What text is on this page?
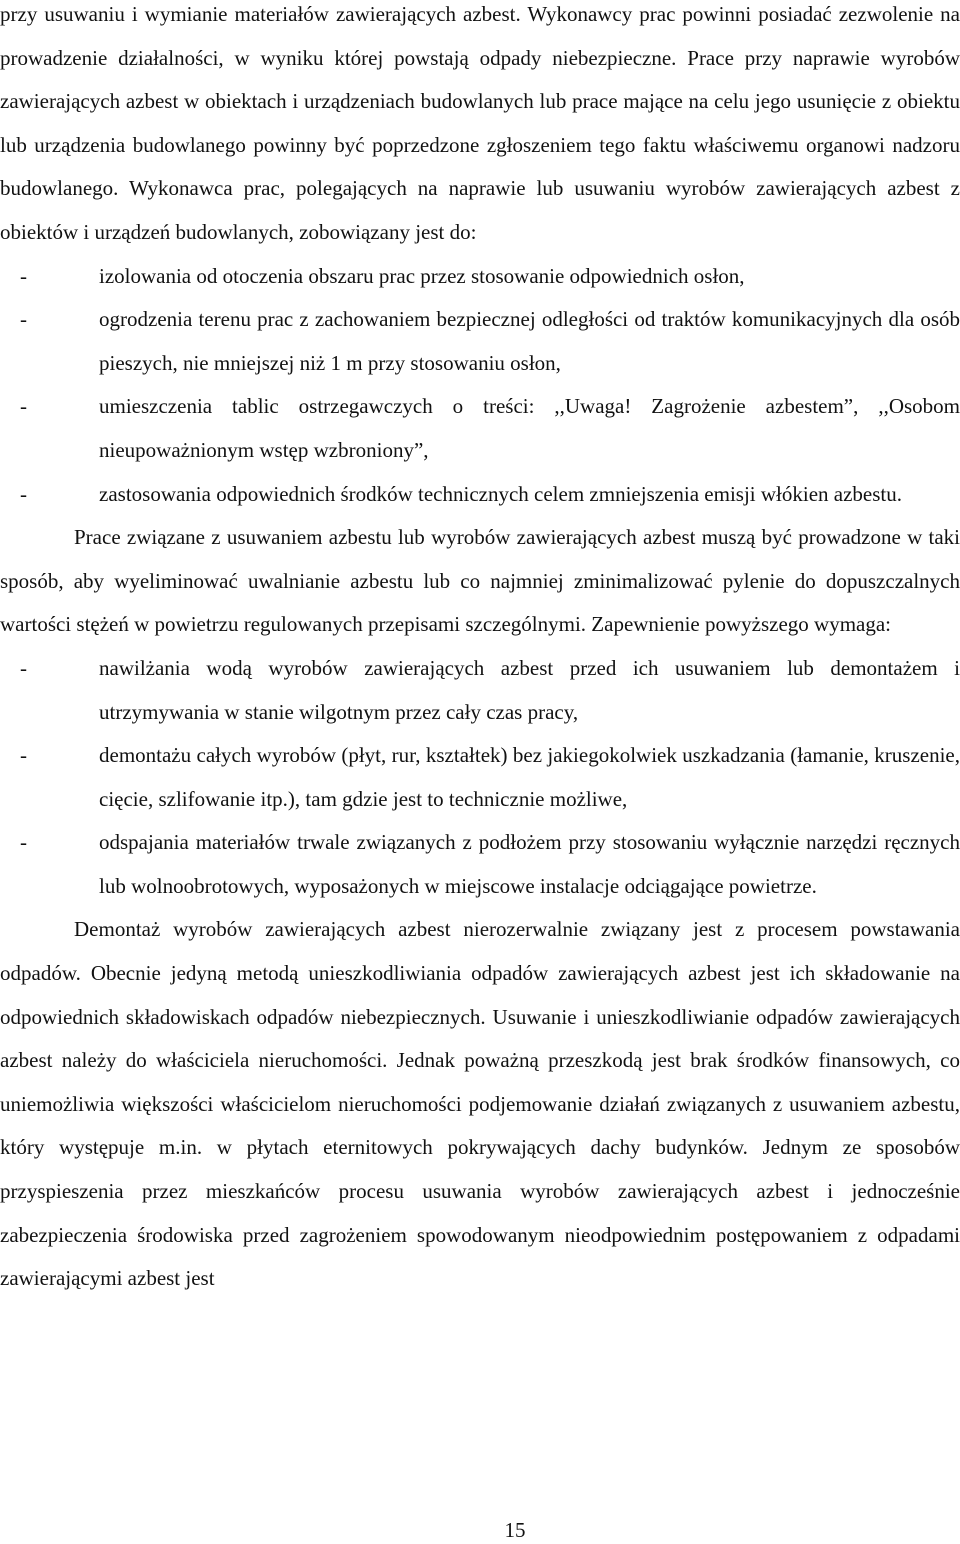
przy usuwaniu i wymianie materiałów zawierających azbest. Wykonawcy prac powinni posiadać zezwolenie na prowadzenie działalności, w wyniku której powstają odpady niebezpieczne. Prace przy naprawie wyrobów zawierających azbest w obiektach i urządzeniach budowlanych lub prace mające na celu jego usunięcie z obiektu lub urządzenia budowlanego powinny być poprzedzone zgłoszeniem tego faktu właściwemu organowi nadzoru budowlanego. Wykonawca prac, polegających na naprawie lub usuwaniu wyrobów zawierających azbest z obiektów i urządzeń budowlanych, zobowiązany jest do:

-	izolowania od otoczenia obszaru prac przez stosowanie odpowiednich osłon,
-	ogrodzenia terenu prac z zachowaniem bezpiecznej odległości od traktów komunikacyjnych dla osób pieszych, nie mniejszej niż 1 m przy stosowaniu osłon,
-	umieszczenia tablic ostrzegawczych o treści: ,,Uwaga! Zagrożenie azbestem”, ,,Osobom nieupoważnionym wstęp wzbroniony”,
-	zastosowania odpowiednich środków technicznych celem zmniejszenia emisji włókien azbestu.

Prace związane z usuwaniem azbestu lub wyrobów zawierających azbest muszą być prowadzone w taki sposób, aby wyeliminować uwalnianie azbestu lub co najmniej zminimalizować pylenie do dopuszczalnych wartości stężeń w powietrzu regulowanych przepisami szczególnymi. Zapewnienie powyższego wymaga:

-	nawilżania wodą wyrobów zawierających azbest przed ich usuwaniem lub demontażem i utrzymywania w stanie wilgotnym przez cały czas pracy,
-	demontażu całych wyrobów (płyt, rur, kształtek) bez jakiegokolwiek uszkadzania (łamanie, kruszenie, cięcie, szlifowanie itp.), tam gdzie jest to technicznie możliwe,
-	odspajania materiałów trwale związanych z podłożem przy stosowaniu wyłącznie narzędzi ręcznych lub wolnoobrotowych, wyposażonych w miejscowe instalacje odciągające powietrze.

Demontaż wyrobów zawierających azbest nierozerwalnie związany jest z procesem powstawania odpadów. Obecnie jedyną metodą unieszkodliwiania odpadów zawierających azbest jest ich składowanie na odpowiednich składowiskach odpadów niebezpiecznych. Usuwanie i unieszkodliwianie odpadów zawierających azbest należy do właściciela nieruchomości. Jednak poważną przeszkodą jest brak środków finansowych, co uniemożliwia większości właścicielom nieruchomości podjemowanie działań związanych z usuwaniem azbestu, który występuje m.in. w płytach eternitowych pokrywających dachy budynków. Jednym ze sposobów przyspieszenia przez mieszkańców procesu usuwania wyrobów zawierających azbest i jednocześnie zabezpieczenia środowiska przed zagrożeniem spowodowanym nieodpowiednim postępowaniem z odpadami zawierającymi azbest jest

15
